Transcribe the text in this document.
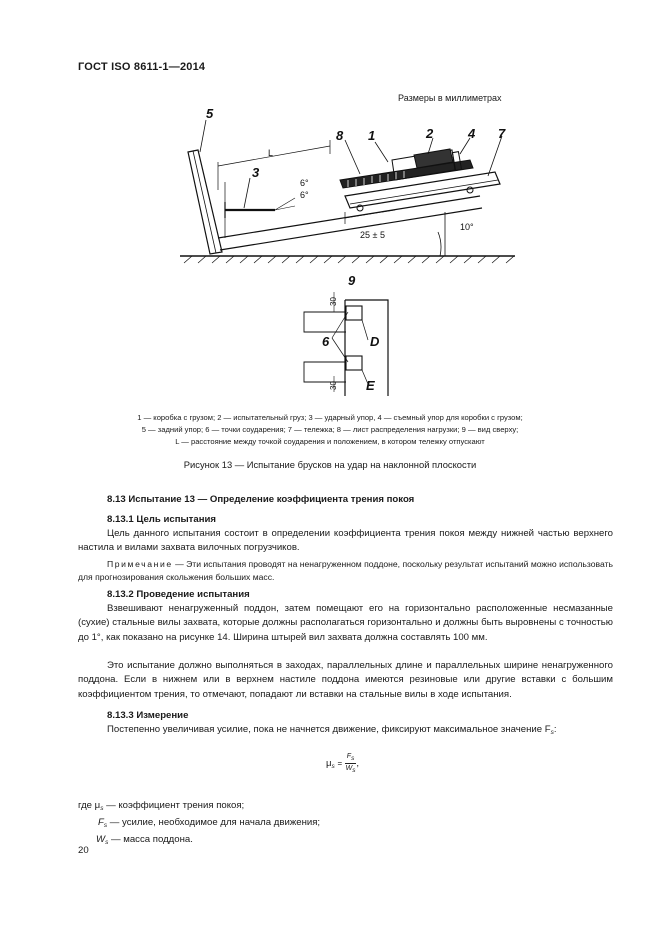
ГОСТ ISO 8611-1—2014
Размеры в миллиметрах
5
3
8 1	2	4 7
L
6°
6°
25 ± 5
10°
9
6	D
E
30
30
1 — коробка с грузом; 2 — испытательный груз; 3 — ударный упор, 4 — съемный упор для коробки с грузом;
5 — задний упор; 6 — точки соударения; 7 — тележка; 8 — лист распределения нагрузки; 9 — вид сверху;
L — расстояние между точкой соударения и положением, в котором тележку отпускают
Рисунок 13 — Испытание брусков на удар на наклонной плоскости
8.13 Испытание 13 — Определение коэффициента трения покоя
8.13.1 Цель испытания
Цель данного испытания состоит в определении коэффициента трения покоя между нижней частью верхнего настила и вилами захвата вилочных погрузчиков.
Примечание — Эти испытания проводят на ненагруженном поддоне, поскольку результат испытаний можно использовать для прогнозирования скольжения больших масс.
8.13.2 Проведение испытания
Взвешивают ненагруженный поддон, затем помещают его на горизонтально расположенные несмазанные (сухие) стальные вилы захвата, которые должны располагаться горизонтально и должны быть выровнены с точностью до 1°, как показано на рисунке 14. Ширина штырей вил захвата должна составлять 100 мм.
Это испытание должно выполняться в заходах, параллельных длине и параллельных ширине ненагруженного поддона. Если в нижнем или в верхнем настиле поддона имеются резиновые или другие вставки с большим коэффициентом трения, то отмечают, попадают ли вставки на стальные вилы в ходе испытания.
8.13.3 Измерение
Постепенно увеличивая усилие, пока не начнется движение, фиксируют максимальное значение $F_s$:
$\mu_s = \frac{Fs}{Ws}$ ,
где $\mu_s$ — коэффициент трения покоя;
$F_s$ — усилие, необходимое для начала движения;
$W_s$ — масса поддона.
20
